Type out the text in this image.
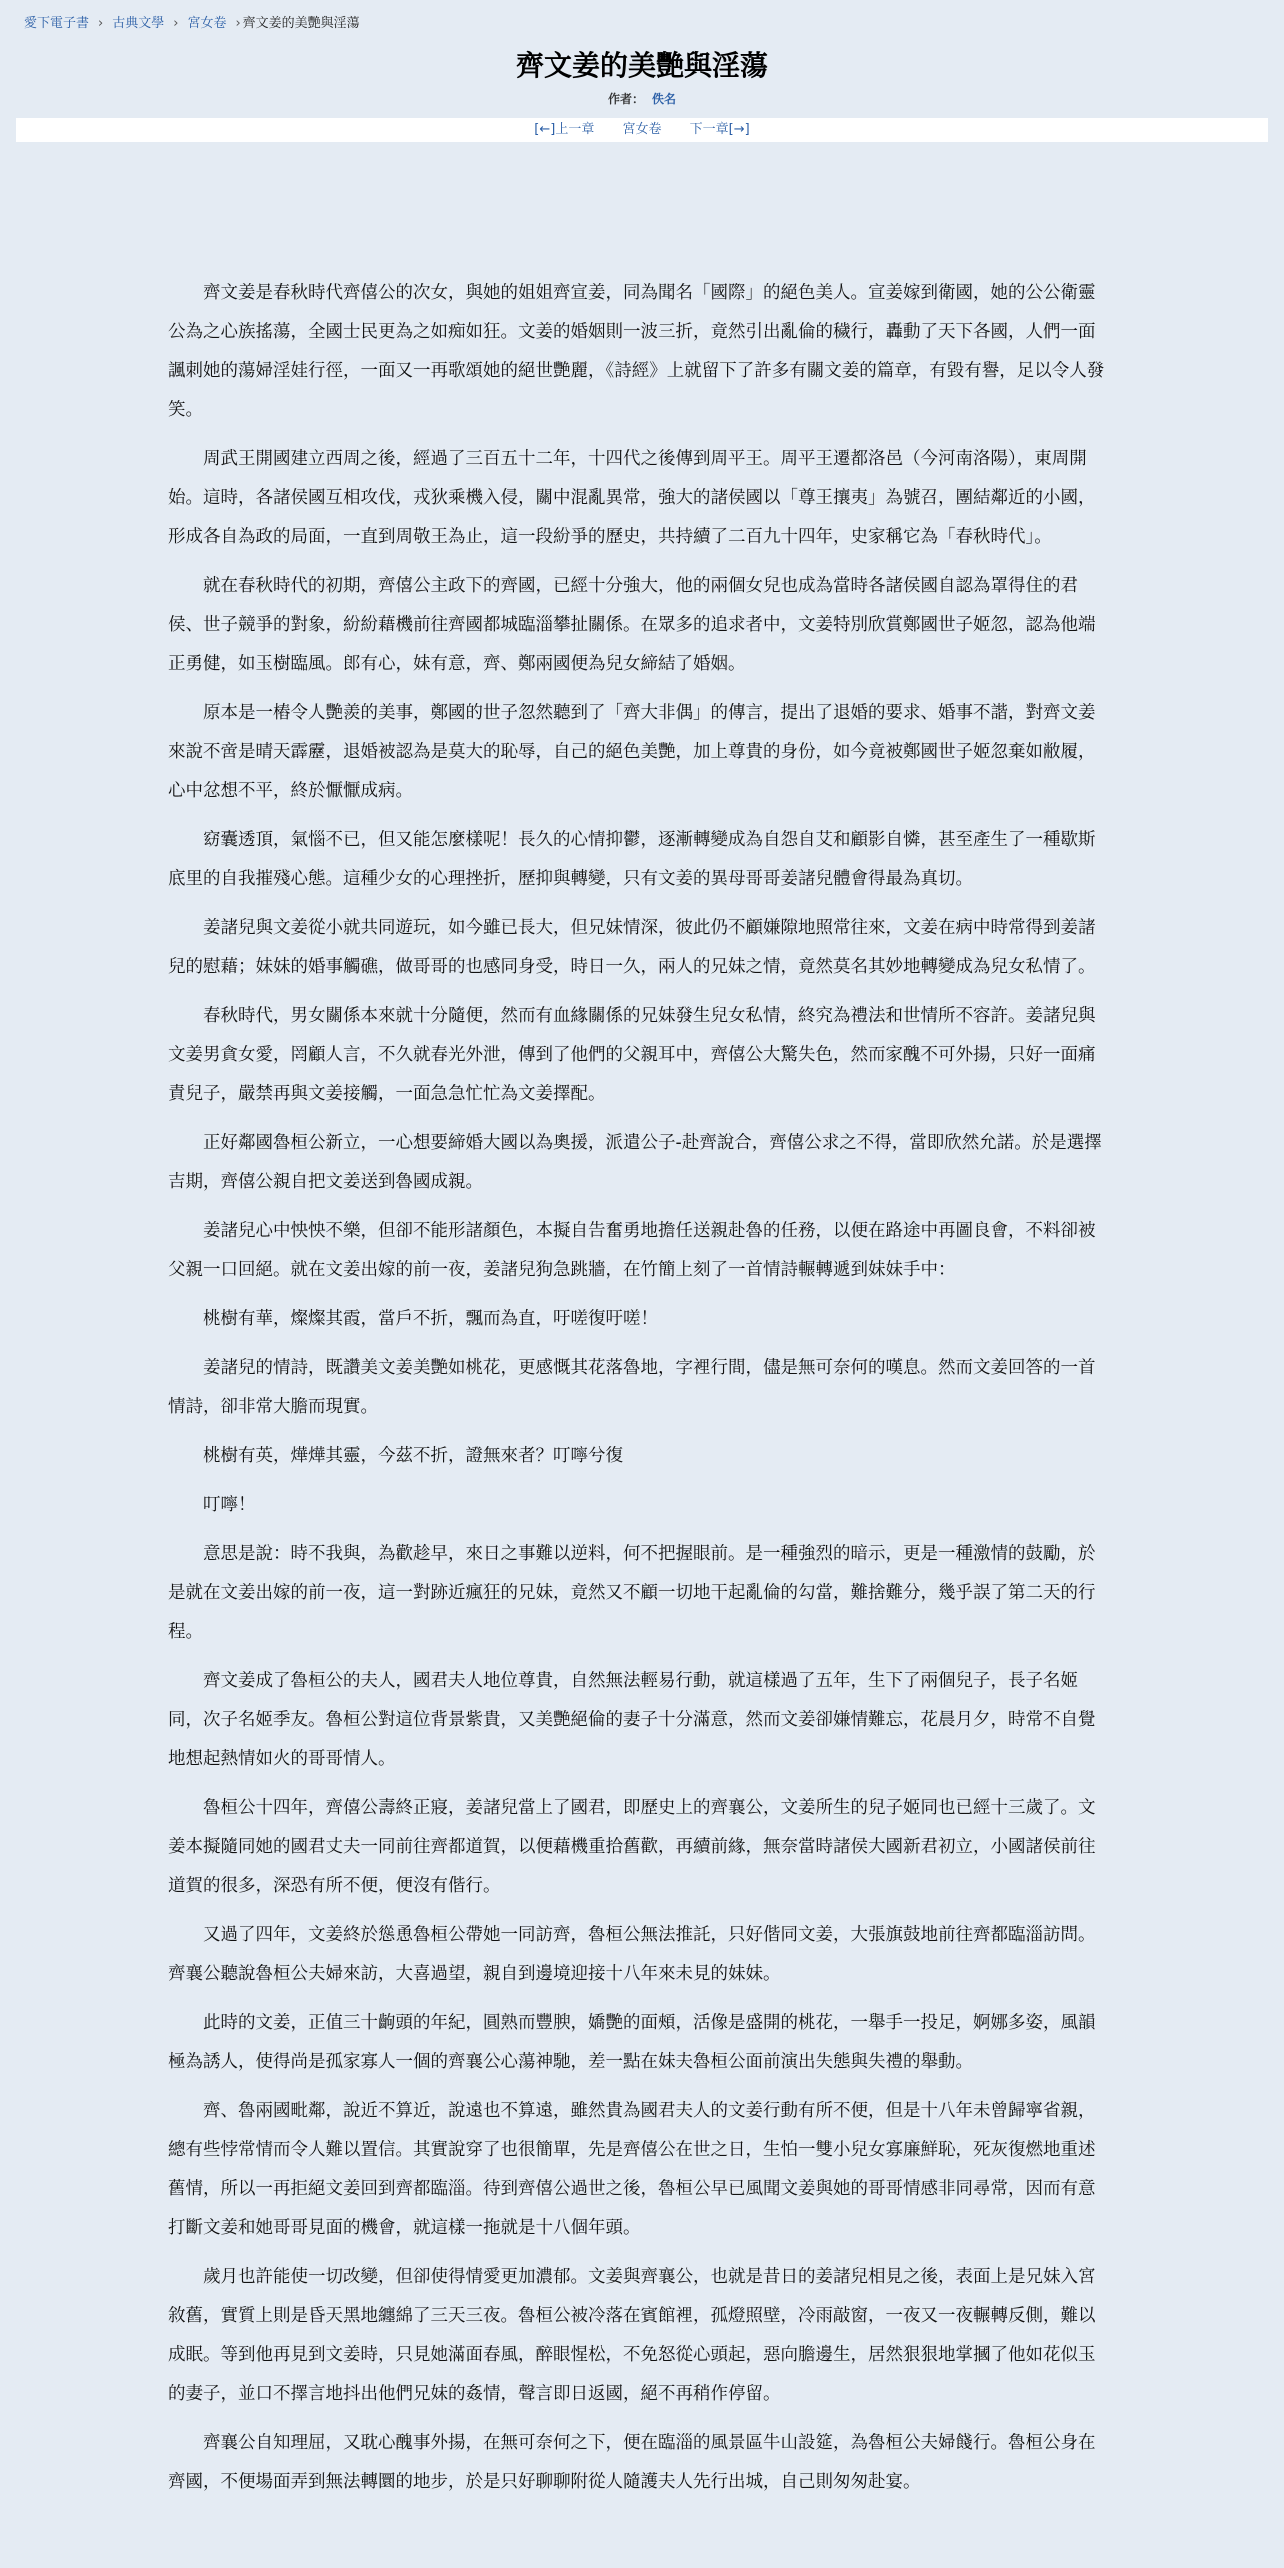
愛下電子書 › 古典文學 › 宮女卷 › 齊文姜的美艷與淫蕩
齊文姜的美艷與淫蕩
作者： 佚名
[←]上一章 宮女卷 下一章[→]

齊文姜是春秋時代齊僖公的次女，與她的姐姐齊宣姜，同為聞名「國際」的絕色美人。宣姜嫁到衛國，她的公公衛靈公為之心族搖蕩，全國士民更為之如痴如狂。文姜的婚姻則一波三折，竟然引出亂倫的穢行，轟動了天下各國，人們一面諷刺她的蕩婦淫娃行徑，一面又一再歌頌她的絕世艷麗，《詩經》上就留下了許多有關文姜的篇章，有毀有譽，足以令人發笑。

周武王開國建立西周之後，經過了三百五十二年，十四代之後傳到周平王。周平王遷都洛邑（今河南洛陽），東周開始。這時，各諸侯國互相攻伐，戎狄乘機入侵，關中混亂異常，強大的諸侯國以「尊王攘夷」為號召，團結鄰近的小國，形成各自為政的局面，一直到周敬王為止，這一段紛爭的歷史，共持續了二百九十四年，史家稱它為「春秋時代」。

就在春秋時代的初期，齊僖公主政下的齊國，已經十分強大，他的兩個女兒也成為當時各諸侯國自認為罩得住的君侯、世子競爭的對象，紛紛藉機前往齊國都城臨淄攀扯關係。在眾多的追求者中，文姜特別欣賞鄭國世子姬忽，認為他端正勇健，如玉樹臨風。郎有心，妹有意，齊、鄭兩國便為兒女締結了婚姻。

原本是一樁令人艷羨的美事，鄭國的世子忽然聽到了「齊大非偶」的傳言，提出了退婚的要求、婚事不諧，對齊文姜來說不啻是晴天霹靂，退婚被認為是莫大的恥辱，自己的絕色美艷，加上尊貴的身份，如今竟被鄭國世子姬忽棄如敝履，心中忿想不平，終於懨懨成病。

窈囊透頂，氣惱不已，但又能怎麼樣呢！長久的心情抑鬱，逐漸轉變成為自怨自艾和顧影自憐，甚至產生了一種歇斯底里的自我摧殘心態。這種少女的心理挫折，歷抑與轉變，只有文姜的異母哥哥姜諸兒體會得最為真切。

姜諸兒與文姜從小就共同遊玩，如今雖已長大，但兄妹情深，彼此仍不顧嫌隙地照常往來，文姜在病中時常得到姜諸兒的慰藉；妹妹的婚事觸礁，做哥哥的也感同身受，時日一久，兩人的兄妹之情，竟然莫名其妙地轉變成為兒女私情了。

春秋時代，男女關係本來就十分隨便，然而有血緣關係的兄妹發生兒女私情，終究為禮法和世情所不容許。姜諸兒與文姜男貪女愛，罔顧人言，不久就春光外泄，傳到了他們的父親耳中，齊僖公大驚失色，然而家醜不可外揚，只好一面痛責兒子，嚴禁再與文姜接觸，一面急急忙忙為文姜擇配。

正好鄰國魯桓公新立，一心想要締婚大國以為奧援，派遣公子-赴齊說合，齊僖公求之不得，當即欣然允諾。於是選擇吉期，齊僖公親自把文姜送到魯國成親。

姜諸兒心中怏怏不樂，但卻不能形諸顏色，本擬自告奮勇地擔任送親赴魯的任務，以便在路途中再圖良會，不料卻被父親一口回絕。就在文姜出嫁的前一夜，姜諸兒狗急跳牆，在竹簡上刻了一首情詩輾轉遞到妹妹手中：

桃樹有華，燦燦其霞，當戶不折，飄而為直，吁嗟復吁嗟！

姜諸兒的情詩，既讚美文姜美艷如桃花，更感慨其花落魯地，字裡行間，儘是無可奈何的嘆息。然而文姜回答的一首情詩，卻非常大膽而現實。

桃樹有英，燁燁其靈，今茲不折，證無來者？叮嚀兮復

叮嚀！

意思是說：時不我與，為歡趁早，來日之事難以逆料，何不把握眼前。是一種強烈的暗示，更是一種激情的鼓勵，於是就在文姜出嫁的前一夜，這一對跡近瘋狂的兄妹，竟然又不顧一切地干起亂倫的勾當，難捨難分，幾乎誤了第二天的行程。

齊文姜成了魯桓公的夫人，國君夫人地位尊貴，自然無法輕易行動，就這樣過了五年，生下了兩個兒子，長子名姬同，次子名姬季友。魯桓公對這位背景紫貴，又美艷絕倫的妻子十分滿意，然而文姜卻嫌情難忘，花晨月夕，時常不自覺地想起熱情如火的哥哥情人。

魯桓公十四年，齊僖公壽終正寢，姜諸兒當上了國君，即歷史上的齊襄公，文姜所生的兒子姬同也已經十三歲了。文姜本擬隨同她的國君丈夫一同前往齊都道賀，以便藉機重拾舊歡，再續前緣，無奈當時諸侯大國新君初立，小國諸侯前往道賀的很多，深恐有所不便，便沒有偕行。

又過了四年，文姜終於慫恿魯桓公帶她一同訪齊，魯桓公無法推託，只好偕同文姜，大張旗鼓地前往齊都臨淄訪問。齊襄公聽說魯桓公夫婦來訪，大喜過望，親自到邊境迎接十八年來未見的妹妹。

此時的文姜，正值三十齣頭的年紀，圓熟而豐腴，嬌艷的面頰，活像是盛開的桃花，一舉手一投足，婀娜多姿，風韻極為誘人，使得尚是孤家寡人一個的齊襄公心蕩神馳，差一點在妹夫魯桓公面前演出失態與失禮的舉動。

齊、魯兩國毗鄰，說近不算近，說遠也不算遠，雖然貴為國君夫人的文姜行動有所不便，但是十八年未曾歸寧省親，總有些悖常情而令人難以置信。其實說穿了也很簡單，先是齊僖公在世之日，生怕一雙小兒女寡廉鮮恥，死灰復燃地重述舊情，所以一再拒絕文姜回到齊都臨淄。待到齊僖公過世之後，魯桓公早已風聞文姜與她的哥哥情感非同尋常，因而有意打斷文姜和她哥哥見面的機會，就這樣一拖就是十八個年頭。

歲月也許能使一切改變，但卻使得情愛更加濃郁。文姜與齊襄公，也就是昔日的姜諸兒相見之後，表面上是兄妹入宮敘舊，實質上則是昏天黑地纏綿了三天三夜。魯桓公被冷落在賓館裡，孤燈照壁，冷雨敲窗，一夜又一夜輾轉反側，難以成眠。等到他再見到文姜時，只見她滿面春風，醉眼惺松，不免怒從心頭起，惡向膽邊生，居然狠狠地掌摑了他如花似玉的妻子，並口不擇言地抖出他們兄妹的姦情，聲言即日返國，絕不再稍作停留。

齊襄公自知理屈，又耽心醜事外揚，在無可奈何之下，便在臨淄的風景區牛山設筵，為魯桓公夫婦餞行。魯桓公身在齊國，不便場面弄到無法轉圜的地步，於是只好聊聊附從人隨護夫人先行出城，自己則匆匆赴宴。
